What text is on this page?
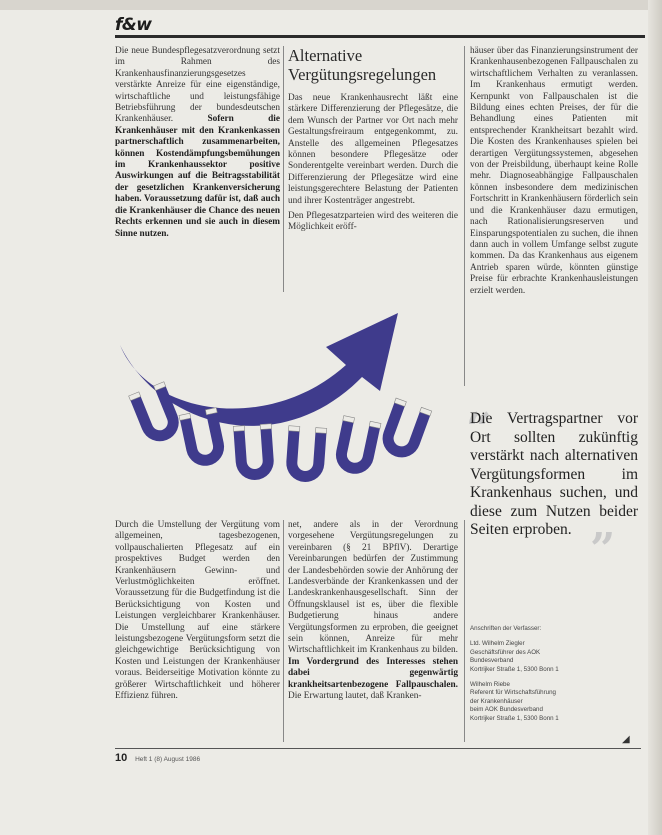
f&w

Die neue Bundespflegesatzverordnung setzt im Rahmen des Krankenhausfinanzierungsgesetzes verstärkte Anreize für eine eigenständige, wirtschaftliche und leistungsfähige Betriebsführung der bundesdeutschen Krankenhäuser.	Sofern die Krankenhäuser mit den Krankenkassen partnerschaftlich zusammenarbeiten, können Kostendämpfungsbemühungen im Krankenhaussektor positive Auswirkungen auf die Beitragsstabilität der gesetzlichen Krankenversicherung haben. Voraussetzung dafür ist, daß auch die Krankenhäuser die Chance des neuen Rechts erkennen und sie auch in diesem Sinne nutzen.

Alternative Vergütungsregelungen

Das neue Krankenhausrecht läßt eine stärkere Differenzierung der Pflegesätze, die dem Wunsch der Partner vor Ort nach mehr Gestaltungsfreiraum entgegenkommt, zu. Anstelle des allgemeinen Pflegesatzes können besondere Pflegesätze oder Sonderentgelte vereinbart werden. Durch die Differenzierung der Pflegesätze wird eine leistungsgerechtere Belastung der Patienten und ihrer Kostenträger angestrebt.

Den Pflegesatzparteien wird des weiteren die Möglichkeit eröff-

häuser über das Finanzierungsinstrument der Krankenhausenbezogenen Fallpauschalen zu wirtschaftlichem Verhalten zu veranlassen. Im Krankenhaus ermutigt werden. Kernpunkt von Fallpauschalen ist die Bildung eines echten Preises, der für die Behandlung eines Patienten mit entsprechender Krankheitsart bezahlt wird. Die Kosten des Krankenhauses spielen bei derartigen Vergütungssystemen, abgesehen von der Preisbildung, überhaupt keine Rolle mehr. Diagnoseabhängige Fallpauschalen können insbesondere dem medizinischen Fortschritt in Krankenhäusern förderlich sein und die Krankenhäuser dazu ermutigen, nach Rationalisierungsreserven und Einsparungspotentialen zu suchen, die ihnen dann auch in vollem Umfange selbst zugute kommen. Da das Krankenhaus aus eigenem Antrieb sparen würde, könnten günstige Preise für erbrachte Krankenhausleistungen erzielt werden.

“
Die Vertragspartner vor Ort sollten zukünftig verstärkt nach alternativen Vergütungsformen im Krankenhaus suchen, und diese zum Nutzen beider Seiten erproben. ”

Durch die Umstellung der Vergütung vom allgemeinen, tagesbezogenen, vollpauschalierten Pflegesatz auf ein prospektives Budget werden den Krankenhäusern Gewinn- und Verlustmöglichkeiten eröffnet. Voraussetzung für die Budgetfindung ist die Berücksichtigung von Kosten und Leistungen vergleichbarer Krankenhäuser. Die Umstellung auf eine stärkere leistungsbezogene Vergütungsform setzt die gleichgewichtige Berücksichtigung von Kosten und Leistungen der Krankenhäuser voraus. Beiderseitige Motivation könnte zu größerer Wirtschaftlichkeit und höherer Effizienz führen.

net, andere als in der Verordnung vorgesehene Vergütungsregelungen zu vereinbaren (§ 21 BPflV). Derartige Vereinbarungen bedürfen der Zustimmung der Landesbehörden sowie der Anhörung der Landesverbände der Krankenkassen und der Landeskrankenhausgesellschaft. Sinn der Öffnungsklausel ist es, über die flexible Budgetierung hinaus andere Vergütungsformen zu erproben, die geeignet sein können, Anreize für mehr Wirtschaftlichkeit im Krankenhaus zu bilden. Im Vordergrund des Interesses stehen dabei gegenwärtig krankheitsartenbezogene Fallpauschalen. Die Erwartung lautet, daß Kranken-

Anschriften der Verfasser:
Ltd. Wilhelm Ziegler
Geschäftsführer des AOK
Bundesverband
Kortrijker Straße 1, 5300 Bonn 1
Wilhelm Riebe
Referent für Wirtschaftsführung
der Krankenhäuser
beim AOK Bundesverband
Kortrijker Straße 1, 5300 Bonn 1
◢
10 Heft 1 (8) August 1986
